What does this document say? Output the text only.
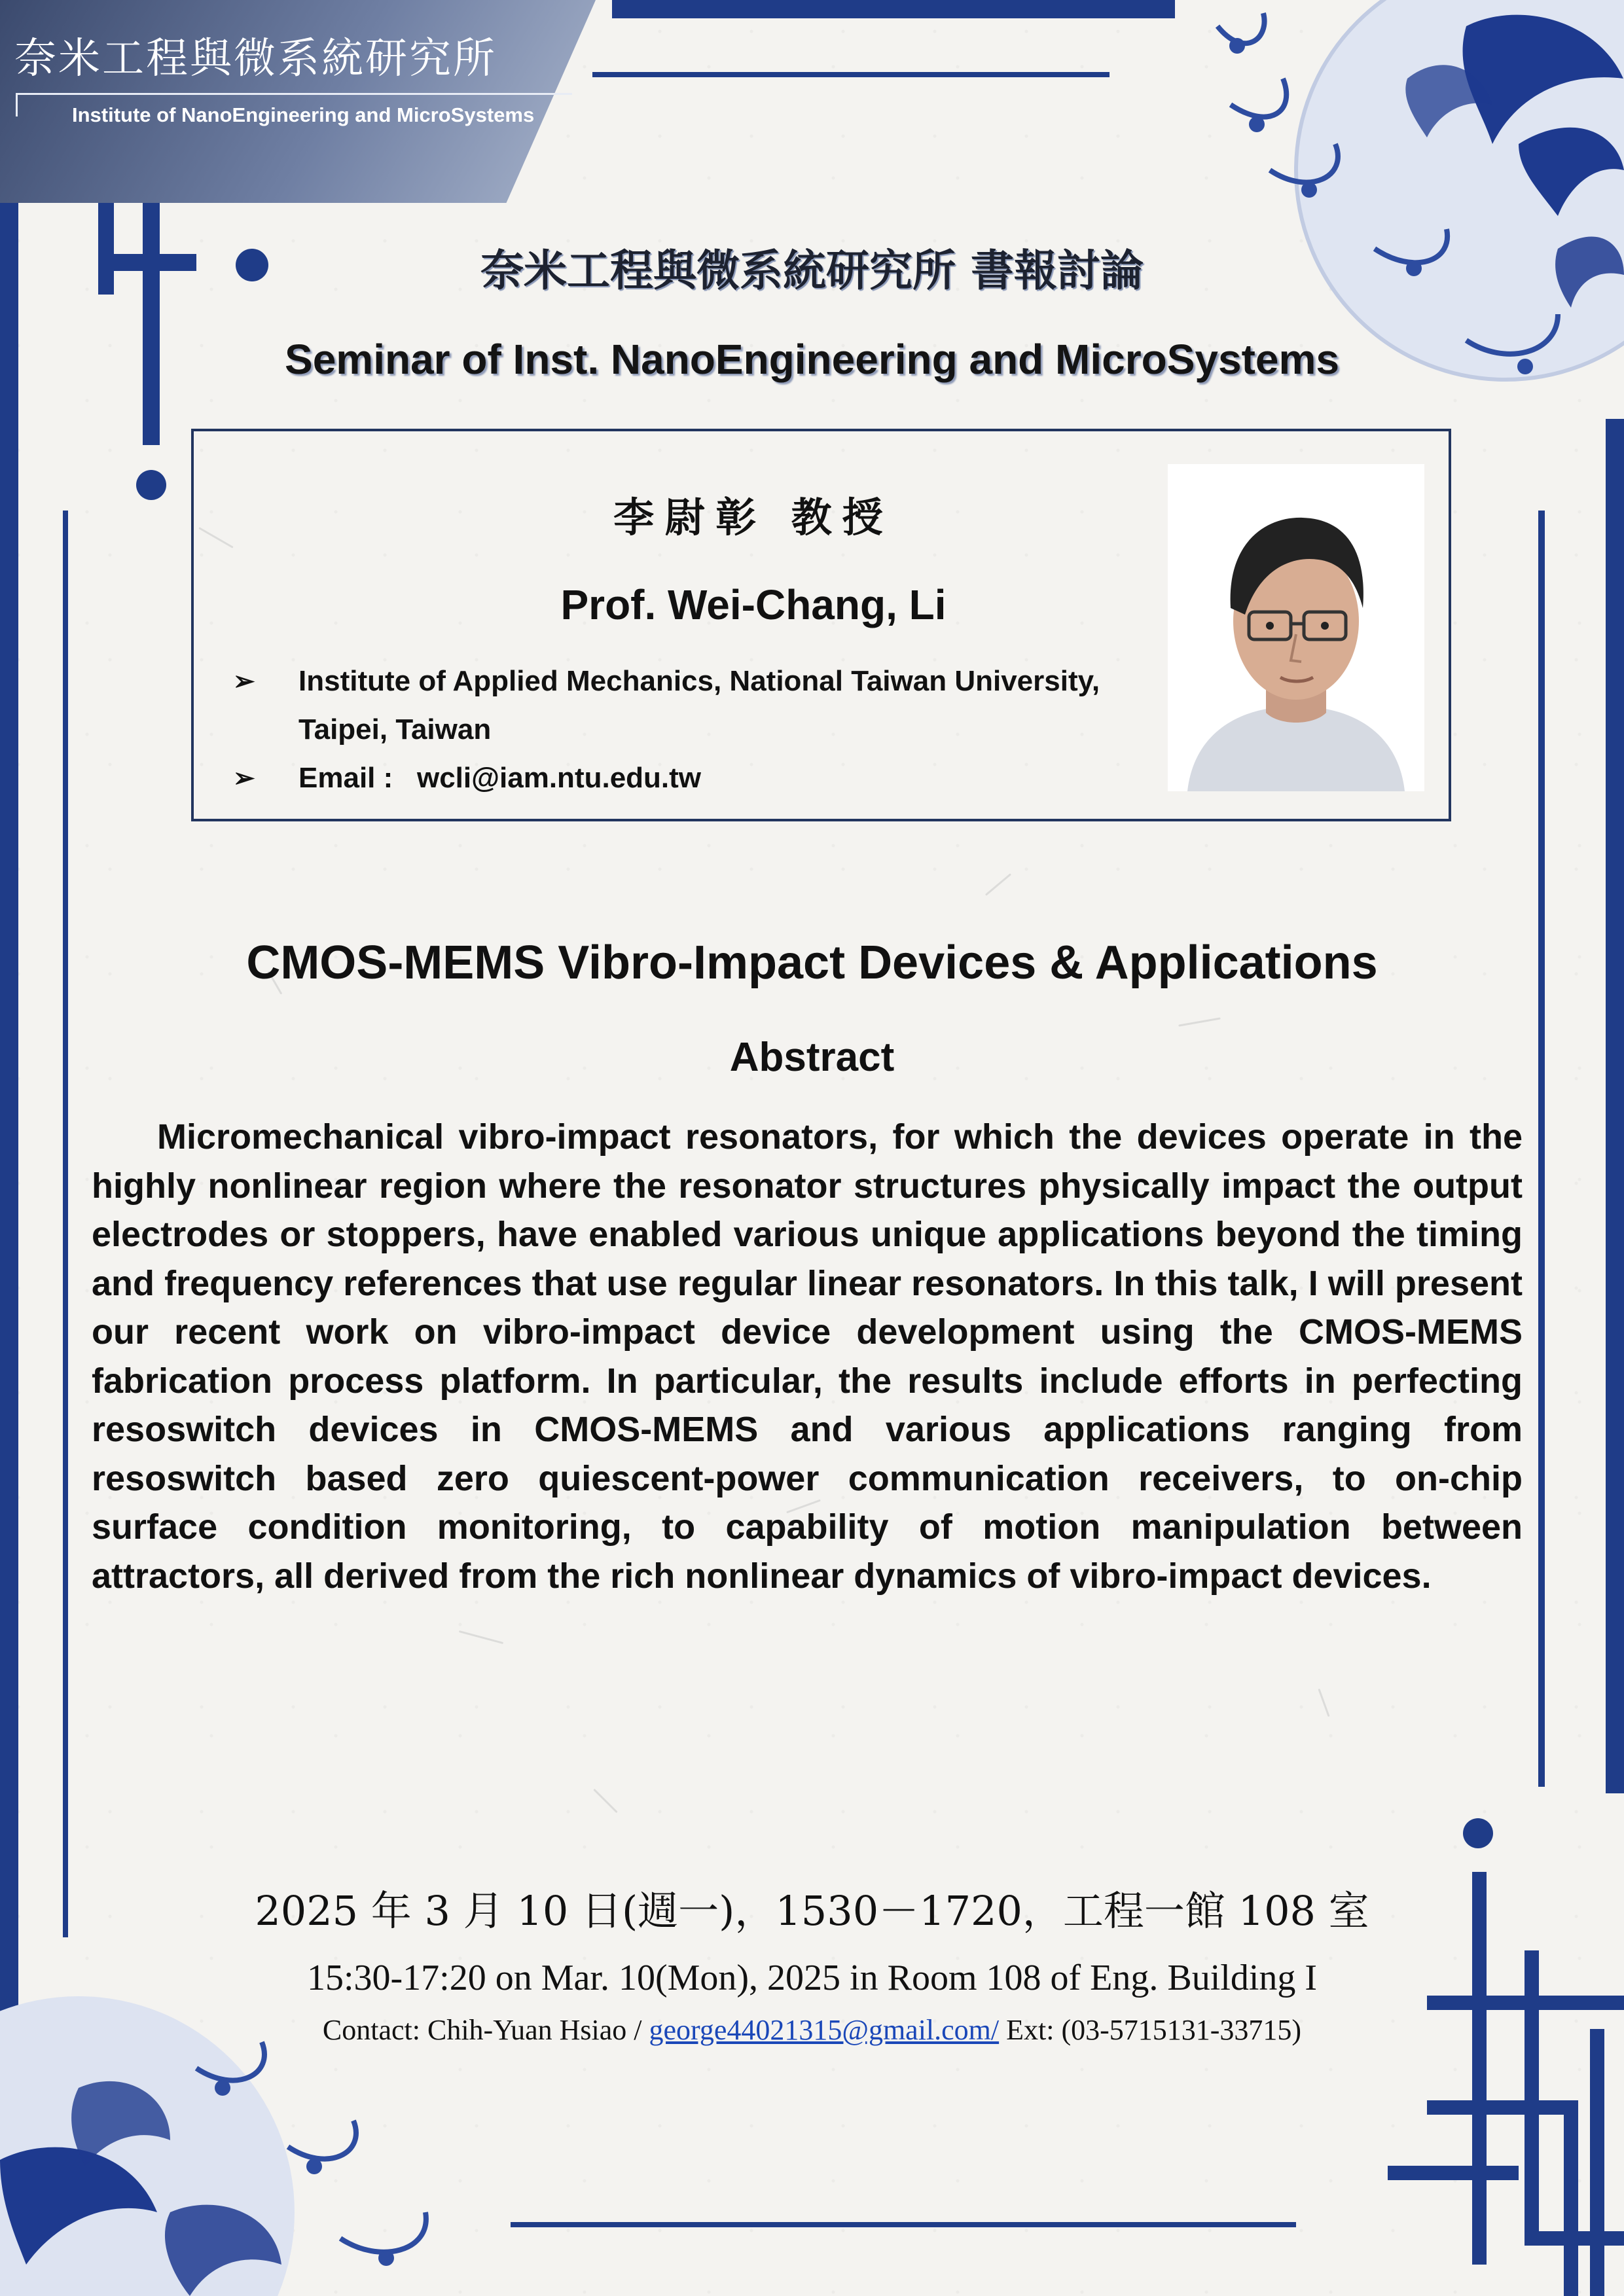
奈米工程與微系統研究所
Institute of NanoEngineering and MicroSystems
奈米工程與微系統研究所 書報討論
Seminar of Inst. NanoEngineering and MicroSystems
李尉彰 教授
Prof. Wei-Chang, Li
➢ Institute of Applied Mechanics, National Taiwan University,
Taipei, Taiwan
➢ Email : wcli@iam.ntu.edu.tw
CMOS-MEMS Vibro-Impact Devices & Applications
Abstract
Micromechanical vibro-impact resonators, for which the devices operate in the highly nonlinear region where the resonator structures physically impact the output electrodes or stoppers, have enabled various unique applications beyond the timing and frequency references that use regular linear resonators. In this talk, I will present our recent work on vibro-impact device development using the CMOS-MEMS fabrication process platform. In particular, the results include efforts in perfecting resoswitch devices in CMOS-MEMS and various applications ranging from resoswitch based zero quiescent-power communication receivers, to on-chip surface condition monitoring, to capability of motion manipulation between attractors, all derived from the rich nonlinear dynamics of vibro-impact devices.
2025 年 3 月 10 日(週一)，1530－1720，工程一館 108 室
15:30-17:20 on Mar. 10(Mon), 2025 in Room 108 of Eng. Building I
Contact: Chih-Yuan Hsiao / george44021315@gmail.com/ Ext: (03-5715131-33715)
